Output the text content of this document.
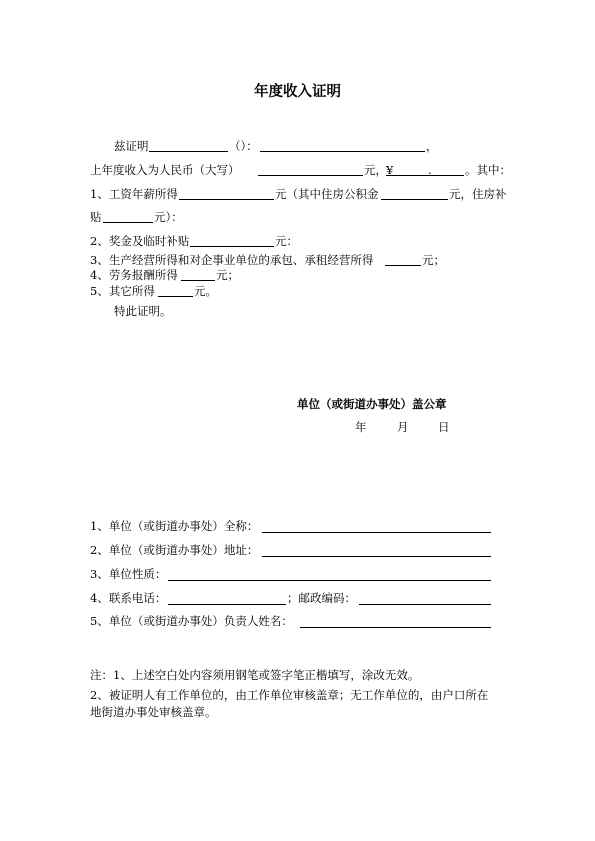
年度收入证明
兹证明	（）：	，
上年度收入为人民币（大写）	元， ¥	.	。其中：
1、工资年薪所得	元（其中住房公积金	元，住房补
贴	元）：
2、奖金及临时补贴	元：
3、生产经营所得和对企事业单位的承包、承租经营所得	元；
4、劳务报酬所得	元；
5、其它所得	元。
特此证明。
单位（或街道办事处）盖公章
年	月	日
1、单位（或街道办事处）全称：
2、单位（或街道办事处）地址：
3、单位性质：
4、联系电话：	；邮政编码：
5、单位（或街道办事处）负责人姓名：
注：1、上述空白处内容须用钢笔或签字笔正楷填写，涂改无效。
2、被证明人有工作单位的，由工作单位审核盖章；无工作单位的，由户口所在
地街道办事处审核盖章。
